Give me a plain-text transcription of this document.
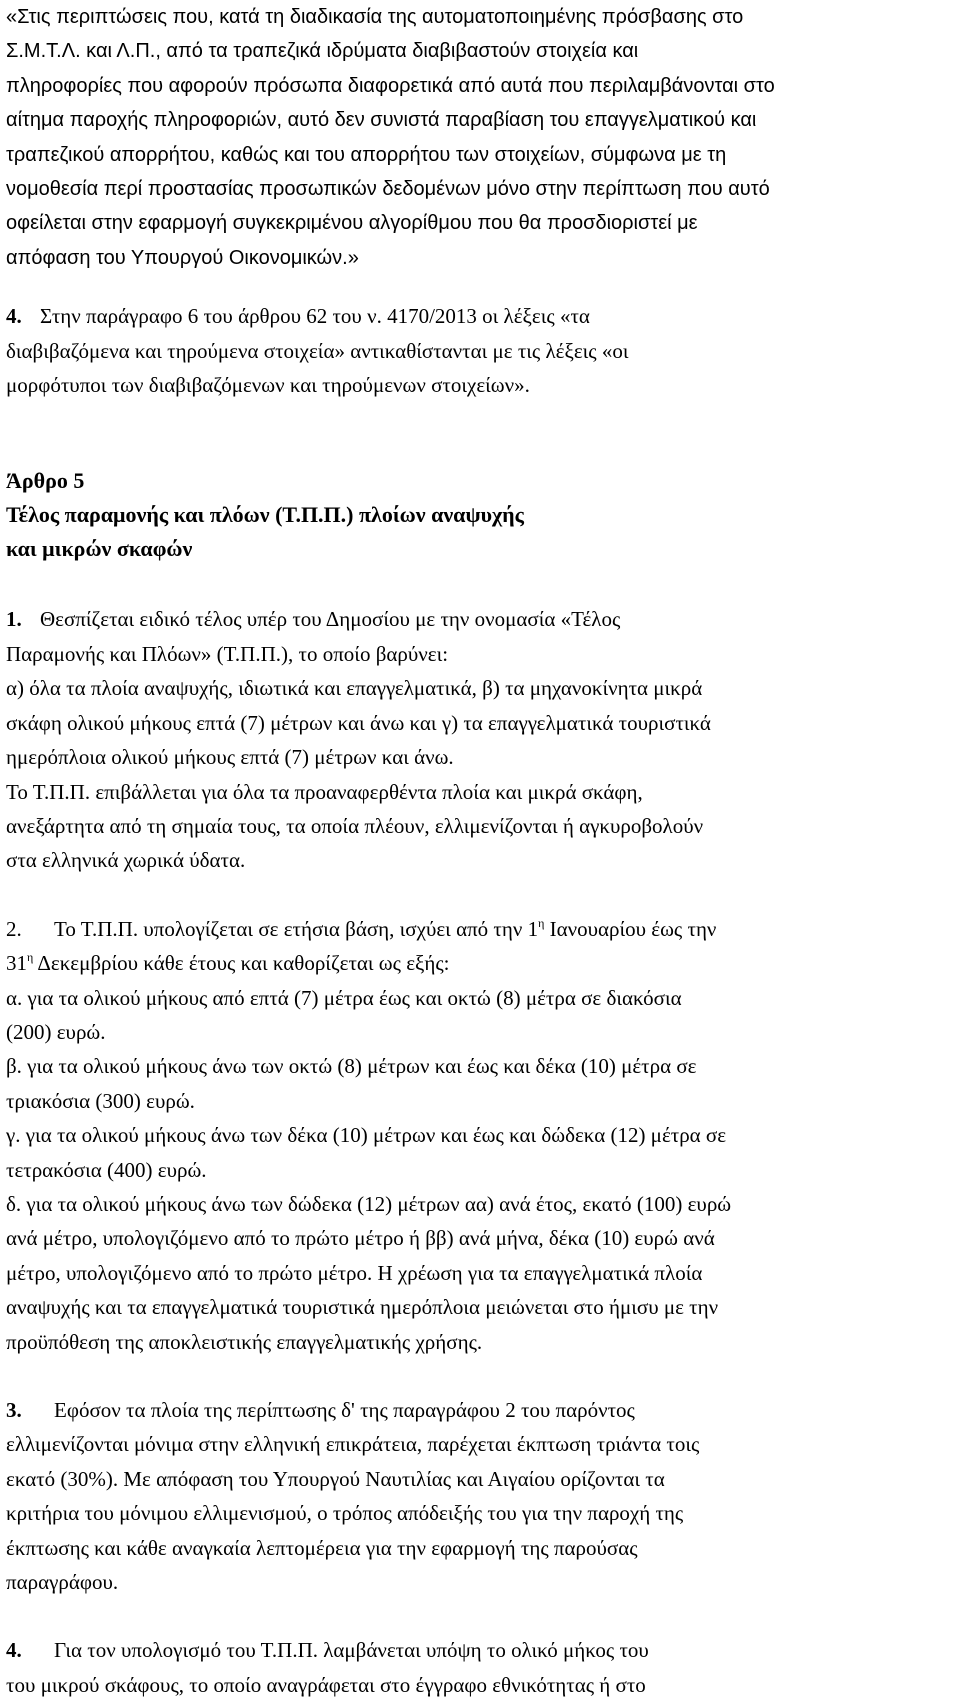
«Στις περιπτώσεις που, κατά τη διαδικασία της αυτοματοποιημένης πρόσβασης στο

Σ.Μ.Τ.Λ. και Λ.Π., από τα τραπεζικά ιδρύματα διαβιβαστούν στοιχεία και

πληροφορίες που αφορούν πρόσωπα διαφορετικά από αυτά που περιλαμβάνονται στο

αίτημα παροχής πληροφοριών, αυτό δεν συνιστά παραβίαση του επαγγελματικού και

τραπεζικού απορρήτου, καθώς και του απορρήτου των στοιχείων, σύμφωνα με τη

νομοθεσία περί προστασίας προσωπικών δεδομένων μόνο στην περίπτωση που αυτό

οφείλεται στην εφαρμογή συγκεκριμένου αλγορίθμου που θα προσδιοριστεί με

απόφαση του Υπουργού Οικονομικών.»

4. Στην παράγραφο 6 του άρθρου 62 του ν. 4170/2013 οι λέξεις «τα

διαβιβαζόμενα και τηρούμενα στοιχεία» αντικαθίστανται με τις λέξεις «οι

μορφότυποι των διαβιβαζόμενων και τηρούμενων στοιχείων».

Άρθρο 5

Τέλος παραμονής και πλόων (Τ.Π.Π.) πλοίων αναψυχής

και μικρών σκαφών

1. Θεσπίζεται ειδικό τέλος υπέρ του Δημοσίου με την ονομασία «Τέλος

Παραμονής και Πλόων» (Τ.Π.Π.), το οποίο βαρύνει:

α) όλα τα πλοία αναψυχής, ιδιωτικά και επαγγελματικά, β) τα μηχανοκίνητα μικρά

σκάφη ολικού μήκους επτά (7) μέτρων και άνω και γ) τα επαγγελματικά τουριστικά

ημερόπλοια ολικού μήκους επτά (7) μέτρων και άνω.

Το Τ.Π.Π. επιβάλλεται για όλα τα προαναφερθέντα πλοία και μικρά σκάφη,

ανεξάρτητα από τη σημαία τους, τα οποία πλέουν, ελλιμενίζονται ή αγκυροβολούν

στα ελληνικά χωρικά ύδατα.

2. Το Τ.Π.Π. υπολογίζεται σε ετήσια βάση, ισχύει από την $1^\eta$ Ιανουαρίου έως την

$31^\eta$ Δεκεμβρίου κάθε έτους και καθορίζεται ως εξής:

α. για τα ολικού μήκους από επτά (7) μέτρα έως και οκτώ (8) μέτρα σε διακόσια

(200) ευρώ.

β. για τα ολικού μήκους άνω των οκτώ (8) μέτρων και έως και δέκα (10) μέτρα σε

τριακόσια (300) ευρώ.

γ. για τα ολικού μήκους άνω των δέκα (10) μέτρων και έως και δώδεκα (12) μέτρα σε

τετρακόσια (400) ευρώ.

δ. για τα ολικού μήκους άνω των δώδεκα (12) μέτρων αα) ανά έτος, εκατό (100) ευρώ

ανά μέτρο, υπολογιζόμενο από το πρώτο μέτρο ή ββ) ανά μήνα, δέκα (10) ευρώ ανά

μέτρο, υπολογιζόμενο από το πρώτο μέτρο. Η χρέωση για τα επαγγελματικά πλοία

αναψυχής και τα επαγγελματικά τουριστικά ημερόπλοια μειώνεται στο ήμισυ με την

προϋπόθεση της αποκλειστικής επαγγελματικής χρήσης.

3. Εφόσον τα πλοία της περίπτωσης δ' της παραγράφου 2 του παρόντος

ελλιμενίζονται μόνιμα στην ελληνική επικράτεια, παρέχεται έκπτωση τριάντα τοις

εκατό (30%). Με απόφαση του Υπουργού Ναυτιλίας και Αιγαίου ορίζονται τα

κριτήρια του μόνιμου ελλιμενισμού, ο τρόπος απόδειξής του για την παροχή της

έκπτωσης και κάθε αναγκαία λεπτομέρεια για την εφαρμογή της παρούσας

παραγράφου.

4. Για τον υπολογισμό του Τ.Π.Π. λαμβάνεται υπόψη το ολικό μήκος του

του μικρού σκάφους, το οποίο αναγράφεται στο έγγραφο εθνικότητας ή στο
